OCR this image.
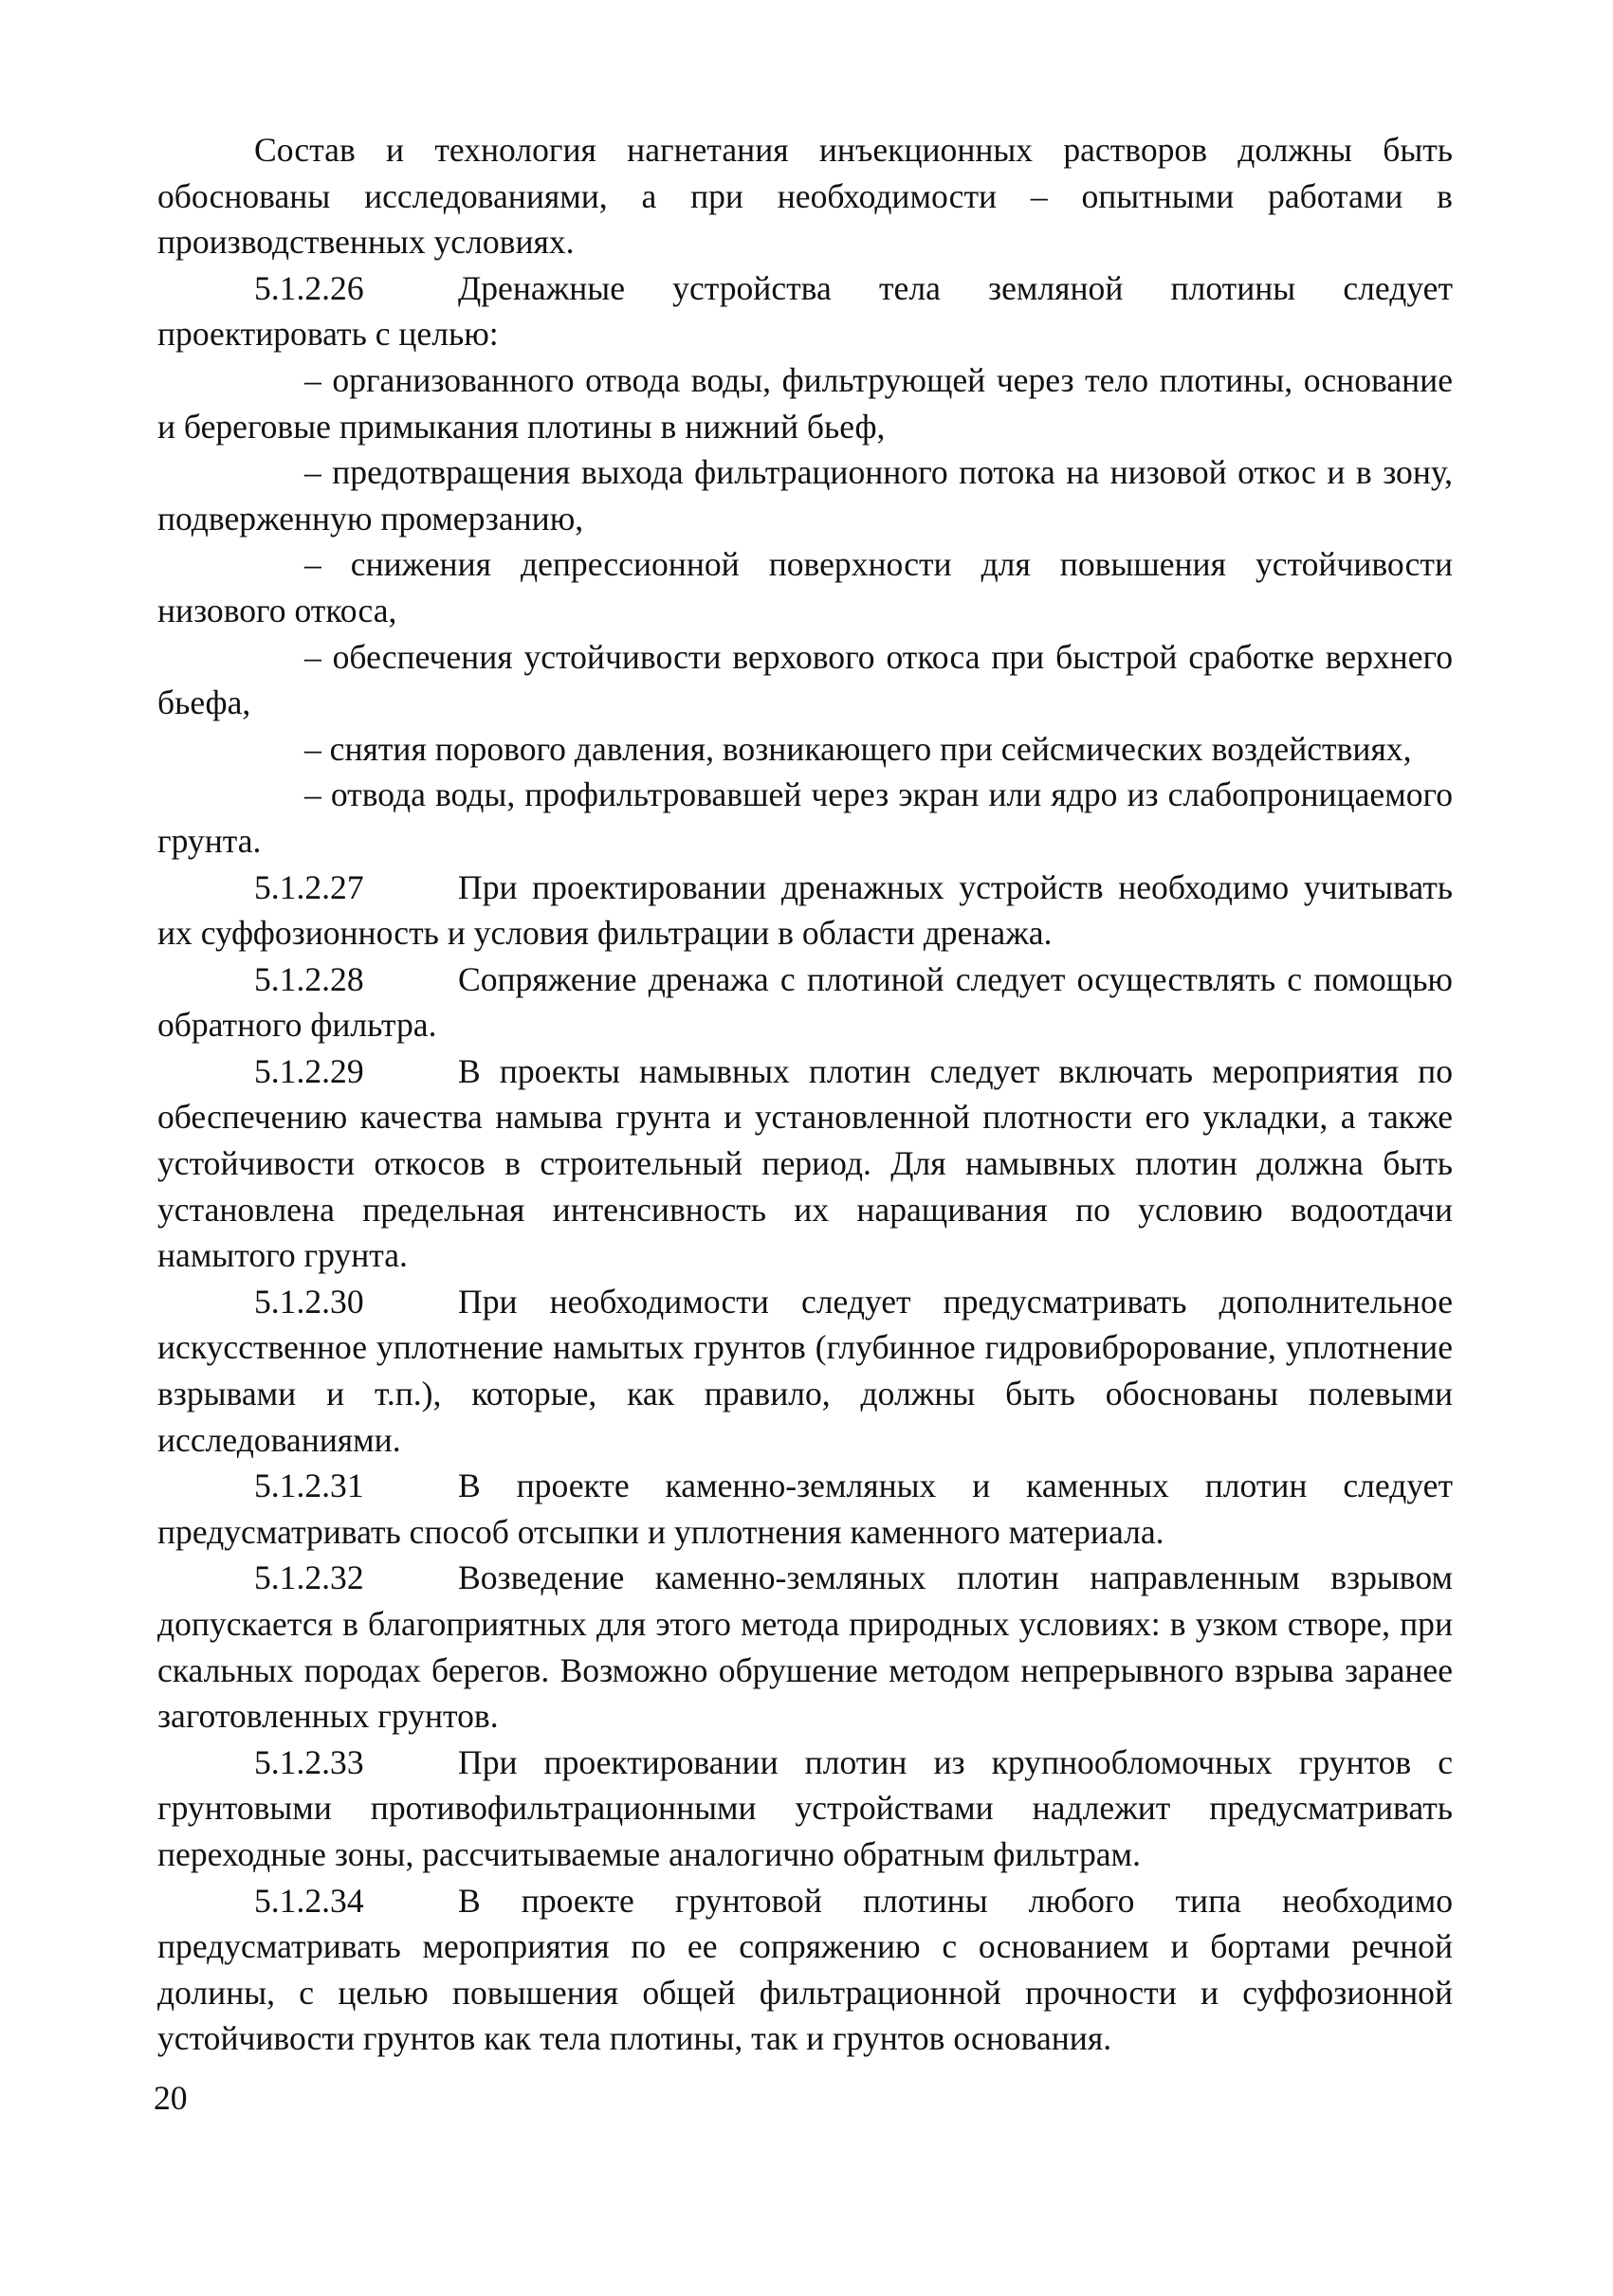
Состав и технология нагнетания инъекционных растворов должны быть обоснованы исследованиями, а при необходимости – опытными работами в производственных условиях.

5.1.2.26	Дренажные устройства тела земляной плотины следует проектировать с целью:

– организованного отвода воды, фильтрующей через тело плотины, основание и береговые примыкания плотины в нижний бьеф,

– предотвращения выхода фильтрационного потока на низовой откос и в зону, подверженную промерзанию,

– снижения депрессионной поверхности для повышения устойчивости низового откоса,

– обеспечения устойчивости верхового откоса при быстрой сработке верхнего бьефа,

– снятия порового давления, возникающего при сейсмических воздействиях,

– отвода воды, профильтровавшей через экран или ядро из слабопроницаемого грунта.

5.1.2.27	При проектировании дренажных устройств необходимо учитывать их суффозионность и условия фильтрации в области дренажа.

5.1.2.28	Сопряжение дренажа с плотиной следует осуществлять с помощью обратного фильтра.

5.1.2.29	В проекты намывных плотин следует включать мероприятия по обеспечению качества намыва грунта и установленной плотности его укладки, а также устойчивости откосов в строительный период. Для намывных плотин должна быть установлена предельная интенсивность их наращивания по условию водоотдачи намытого грунта.

5.1.2.30	При необходимости следует предусматривать дополнительное искусственное уплотнение намытых грунтов (глубинное гидровиброрование, уплотнение взрывами и т.п.), которые, как правило, должны быть обоснованы полевыми исследованиями.

5.1.2.31	В проекте каменно-земляных и каменных плотин следует предусматривать способ отсыпки и уплотнения каменного материала.

5.1.2.32	Возведение каменно-земляных плотин направленным взрывом допускается в благоприятных для этого метода природных условиях: в узком створе, при скальных породах берегов. Возможно обрушение методом непрерывного взрыва заранее заготовленных грунтов.

5.1.2.33	При проектировании плотин из крупнообломочных грунтов с грунтовыми противофильтрационными устройствами надлежит предусматривать переходные зоны, рассчитываемые аналогично обратным фильтрам.

5.1.2.34	В проекте грунтовой плотины любого типа необходимо предусматривать мероприятия по ее сопряжению с основанием и бортами речной долины, с целью повышения общей фильтрационной прочности и суффозионной устойчивости грунтов как тела плотины, так и грунтов основания.

20
